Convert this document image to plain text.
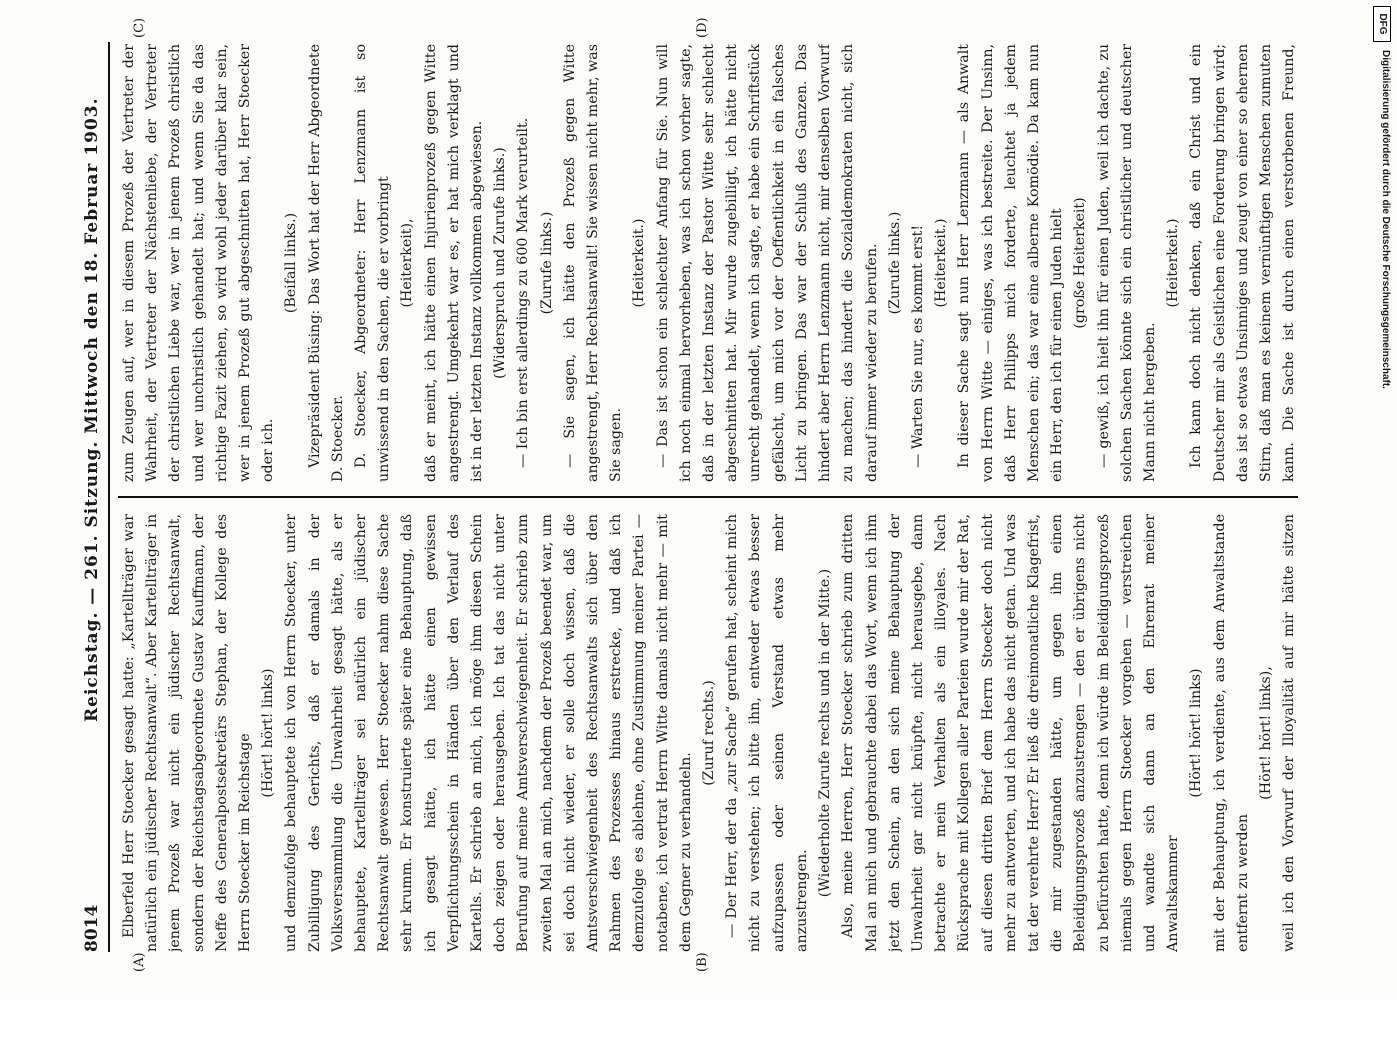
8014
Reichstag. — 261. Sitzung. Mittwoch den 18. Februar 1903.
(A)	(B)
(C)	(D)

Elberfeld Herr Stoecker gesagt hatte: „Kartellträger war natürlich ein jüdischer Rechtsanwalt“. Aber Kartellträger in jenem Prozeß war nicht ein jüdischer Rechtsanwalt, sondern der Reichstagsabgeordnete Gustav Kauffmann, der Neffe des Generalpostsekretärs Stephan, der Kollege des Herrn Stoecker im Reichstage

(Hört! hört! links) und demzufolge behauptete ich von Herrn Stoecker, unter Zubilligung des Gerichts, daß er damals in der Volksversammlung die Unwahrheit gesagt hätte, als er behauptete, Kartellträger sei natürlich ein jüdischer Rechtsanwalt gewesen. Herr Stoecker nahm diese Sache sehr krumm. Er konstruierte später eine Behauptung, daß ich gesagt hätte, ich hätte einen gewissen Verpflichtungsschein in Händen über den Verlauf des Kartells. Er schrieb an mich, ich möge ihm diesen Schein doch zeigen oder herausgeben. Ich tat das nicht unter Berufung auf meine Amtsverschwiegenheit. Er schrieb zum zweiten Mal an mich, nachdem der Prozeß beendet war, um sei doch nicht wieder, er solle doch wissen, daß die Amtsverschwiegenheit des Rechtsanwalts sich über den Rahmen des Prozesses hinaus erstrecke, und daß ich demzufolge es ablehne, ohne Zustimmung meiner Partei — notabene, ich vertrat Herrn Witte damals nicht mehr — mit dem Gegner zu verhandeln.

(Zuruf rechts.) — Der Herr, der da „zur Sache“ gerufen hat, scheint mich nicht zu verstehen; ich bitte ihn, entweder etwas besser aufzupassen oder seinen Verstand etwas mehr anzustrengen.

(Wiederholte Zurufe rechts und in der Mitte.) Also, meine Herren, Herr Stoecker schrieb zum dritten Mal an mich und gebrauchte dabei das Wort, wenn ich ihm jetzt den Schein, an den sich meine Behauptung der Unwahrheit gar nicht knüpfte, nicht herausgebe, dann betrachte er mein Verhalten als ein illoyales. Nach Rücksprache mit Kollegen aller Parteien wurde mir der Rat, auf diesen dritten Brief dem Herrn Stoecker doch nicht mehr zu antworten, und ich habe das nicht getan. Und was tat der verehrte Herr? Er ließ die dreimonatliche Klagefrist, die mir zugestanden hätte, um gegen ihn einen Beleidigungsprozeß anzustrengen — den er übrigens nicht zu befürchten hatte, denn ich würde im Beleidigungsprozeß niemals gegen Herrn Stoecker vorgehen — verstreichen und wandte sich dann an den Ehrenrat meiner Anwaltskammer

(Hört! hört! links) mit der Behauptung, ich verdiente, aus dem Anwaltstande entfernt zu werden

(Hört! hört! links),

weil ich den Vorwurf der Illoyalität auf mir hätte sitzen

zum Zeugen auf, wer in diesem Prozeß der Vertreter der Wahrheit, der Vertreter der Nächstenliebe, der Vertreter der christlichen Liebe war, wer in jenem Prozeß christlich und wer unchristlich gehandelt hat; und wenn Sie da das richtige Fazit ziehen, so wird wohl jeder darüber klar sein, wer in jenem Prozeß gut abgeschnitten hat, Herr Stoecker oder ich.

(Beifall links.) Vizepräsident Büsing: Das Wort hat der Herr Abgeordnete D. Stoecker. D. Stoecker, Abgeordneter: Herr Lenzmann ist so unwissend in den Sachen, die er vorbringt (Heiterkeit), daß er meint, ich hätte einen Injurienprozeß gegen Witte angestrengt. Umgekehrt war es, er hat mich verklagt und ist in der letzten Instanz vollkommen abgewiesen. (Widerspruch und Zurufe links.) — Ich bin erst allerdings zu 600 Mark verurteilt. (Zurufe links.) — Sie sagen, ich hätte den Prozeß gegen Witte angestrengt, Herr Rechtsanwalt! Sie wissen nicht mehr, was Sie sagen.

(Heiterkeit.) — Das ist schon ein schlechter Anfang für Sie. Nun will ich noch einmal hervorheben, was ich schon vorher sagte, daß in der letzten Instanz der Pastor Witte sehr schlecht abgeschnitten hat. Mir wurde zugebilligt, ich hätte nicht unrecht gehandelt, wenn ich sagte, er habe ein Schriftstück gefälscht, um mich vor der Oeffentlichkeit in ein falsches Licht zu bringen. Das war der Schluß des Ganzen. Das hindert aber Herrn Lenzmann nicht, mir denselben Vorwurf zu machen; das hindert die Sozialdemokraten nicht, sich darauf immer wieder zu berufen. (Zurufe links.) — Warten Sie nur, es kommt erst! (Heiterkeit.) In dieser Sache sagt nun Herr Lenzmann — als Anwalt von Herrn Witte — einiges, was ich bestreite. Der Unsinn, daß Herr Philipps mich forderte, leuchtet ja jedem Menschen ein; das war eine alberne Komödie. Da kam nun ein Herr, den ich für einen Juden hielt (große Heiterkeit) — gewiß, ich hielt ihn für einen Juden, weil ich dachte, zu solchen Sachen könnte sich ein christlicher und deutscher Mann nicht hergeben.

(Heiterkeit.)

Ich kann doch nicht denken, daß ein Christ und ein Deutscher mir als Geistlichen eine Forderung bringen wird; das ist so etwas Unsinniges und zeugt von einer so ehernen Stirn, daß man es keinem vernünftigen Menschen zumuten kann. Die Sache ist durch einen verstorbenen Freund,	Digitalisierung gefördert durch die Deutsche Forschungsgemeinschaft.
DFG
